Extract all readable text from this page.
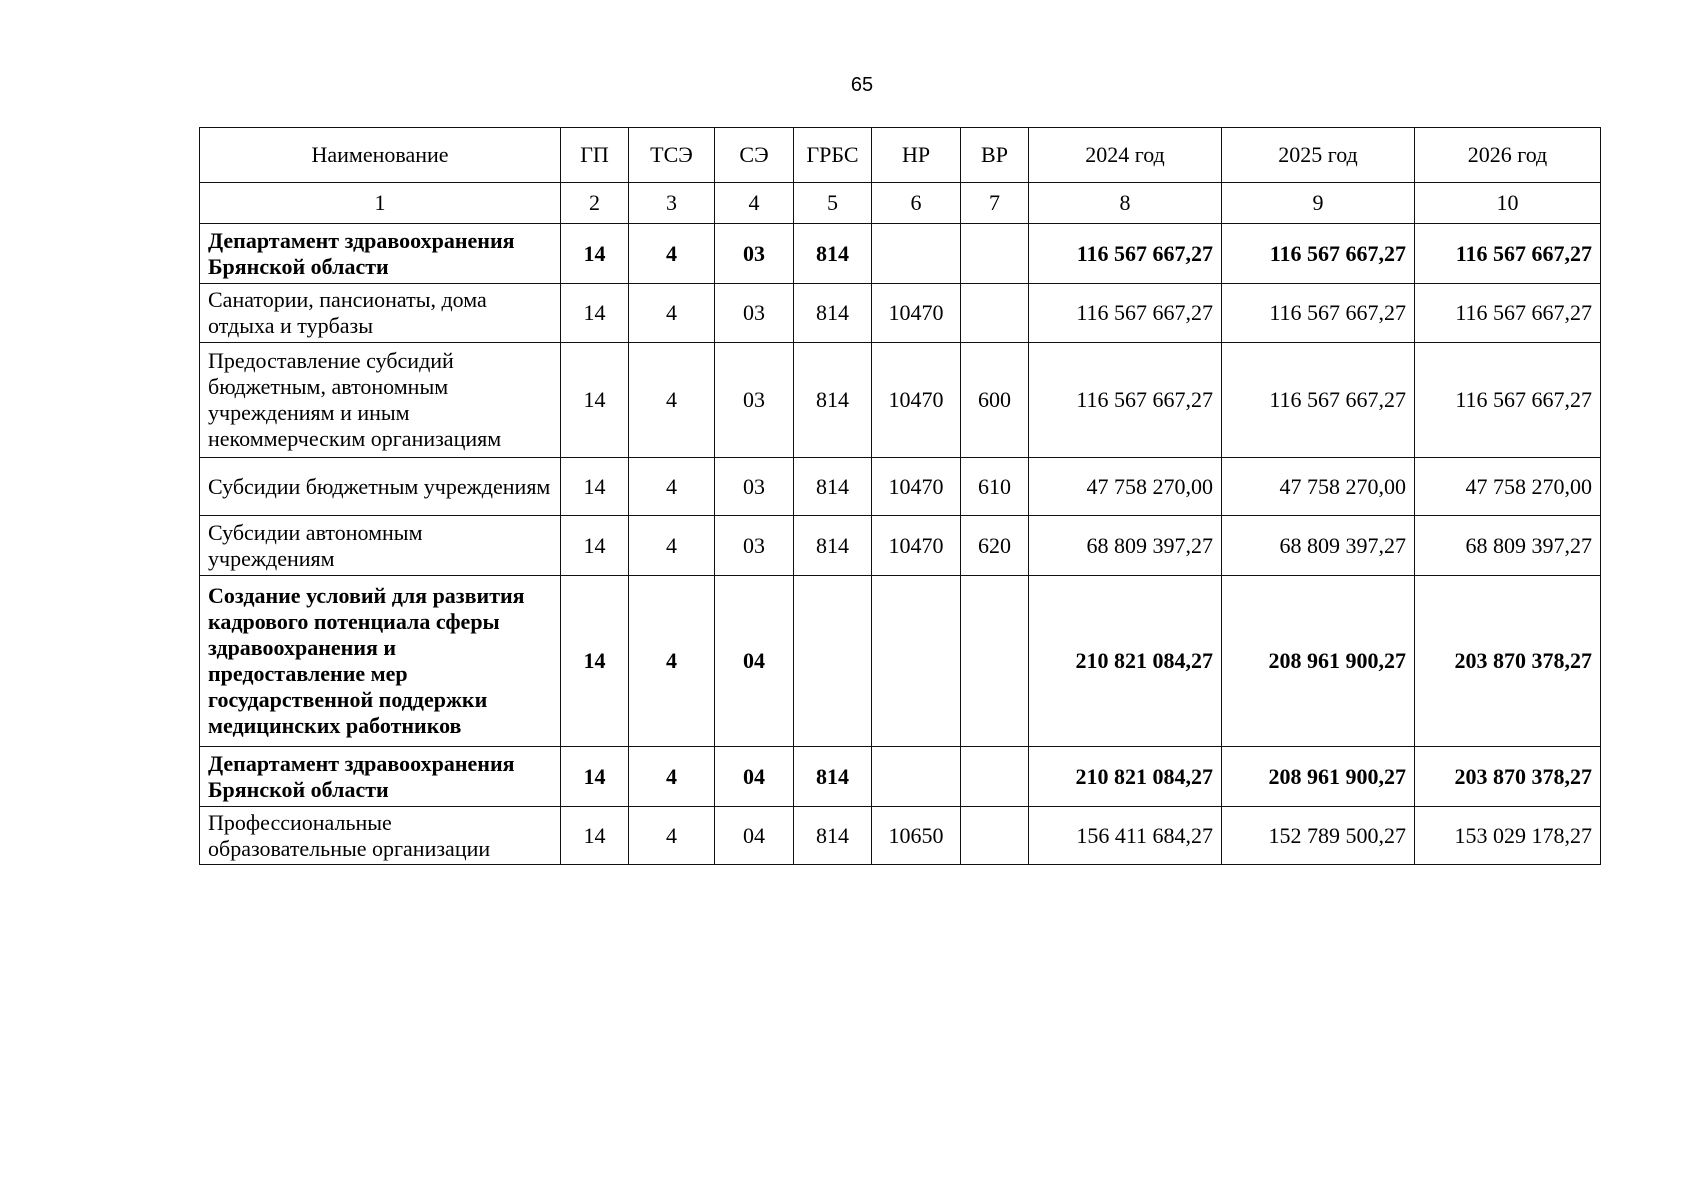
65
Наименование	ГП	ТСЭ	СЭ	ГРБС	НР	ВР	2024 год	2025 год	2026 год
1	2	3	4	5	6	7	8	9	10
Департамент здравоохранения Брянской области	14	4	03	814			116 567 667,27	116 567 667,27	116 567 667,27
Санатории, пансионаты, дома отдыха и турбазы	14	4	03	814	10470		116 567 667,27	116 567 667,27	116 567 667,27
Предоставление субсидий бюджетным, автономным учреждениям и иным некоммерческим организациям	14	4	03	814	10470	600	116 567 667,27	116 567 667,27	116 567 667,27
Субсидии бюджетным учреждениям	14	4	03	814	10470	610	47 758 270,00	47 758 270,00	47 758 270,00
Субсидии автономным учреждениям	14	4	03	814	10470	620	68 809 397,27	68 809 397,27	68 809 397,27
Создание условий для развития кадрового потенциала сферы здравоохранения и предоставление мер государственной поддержки медицинских работников	14	4	04				210 821 084,27	208 961 900,27	203 870 378,27
Департамент здравоохранения Брянской области	14	4	04	814			210 821 084,27	208 961 900,27	203 870 378,27
Профессиональные образовательные организации	14	4	04	814	10650		156 411 684,27	152 789 500,27	153 029 178,27
